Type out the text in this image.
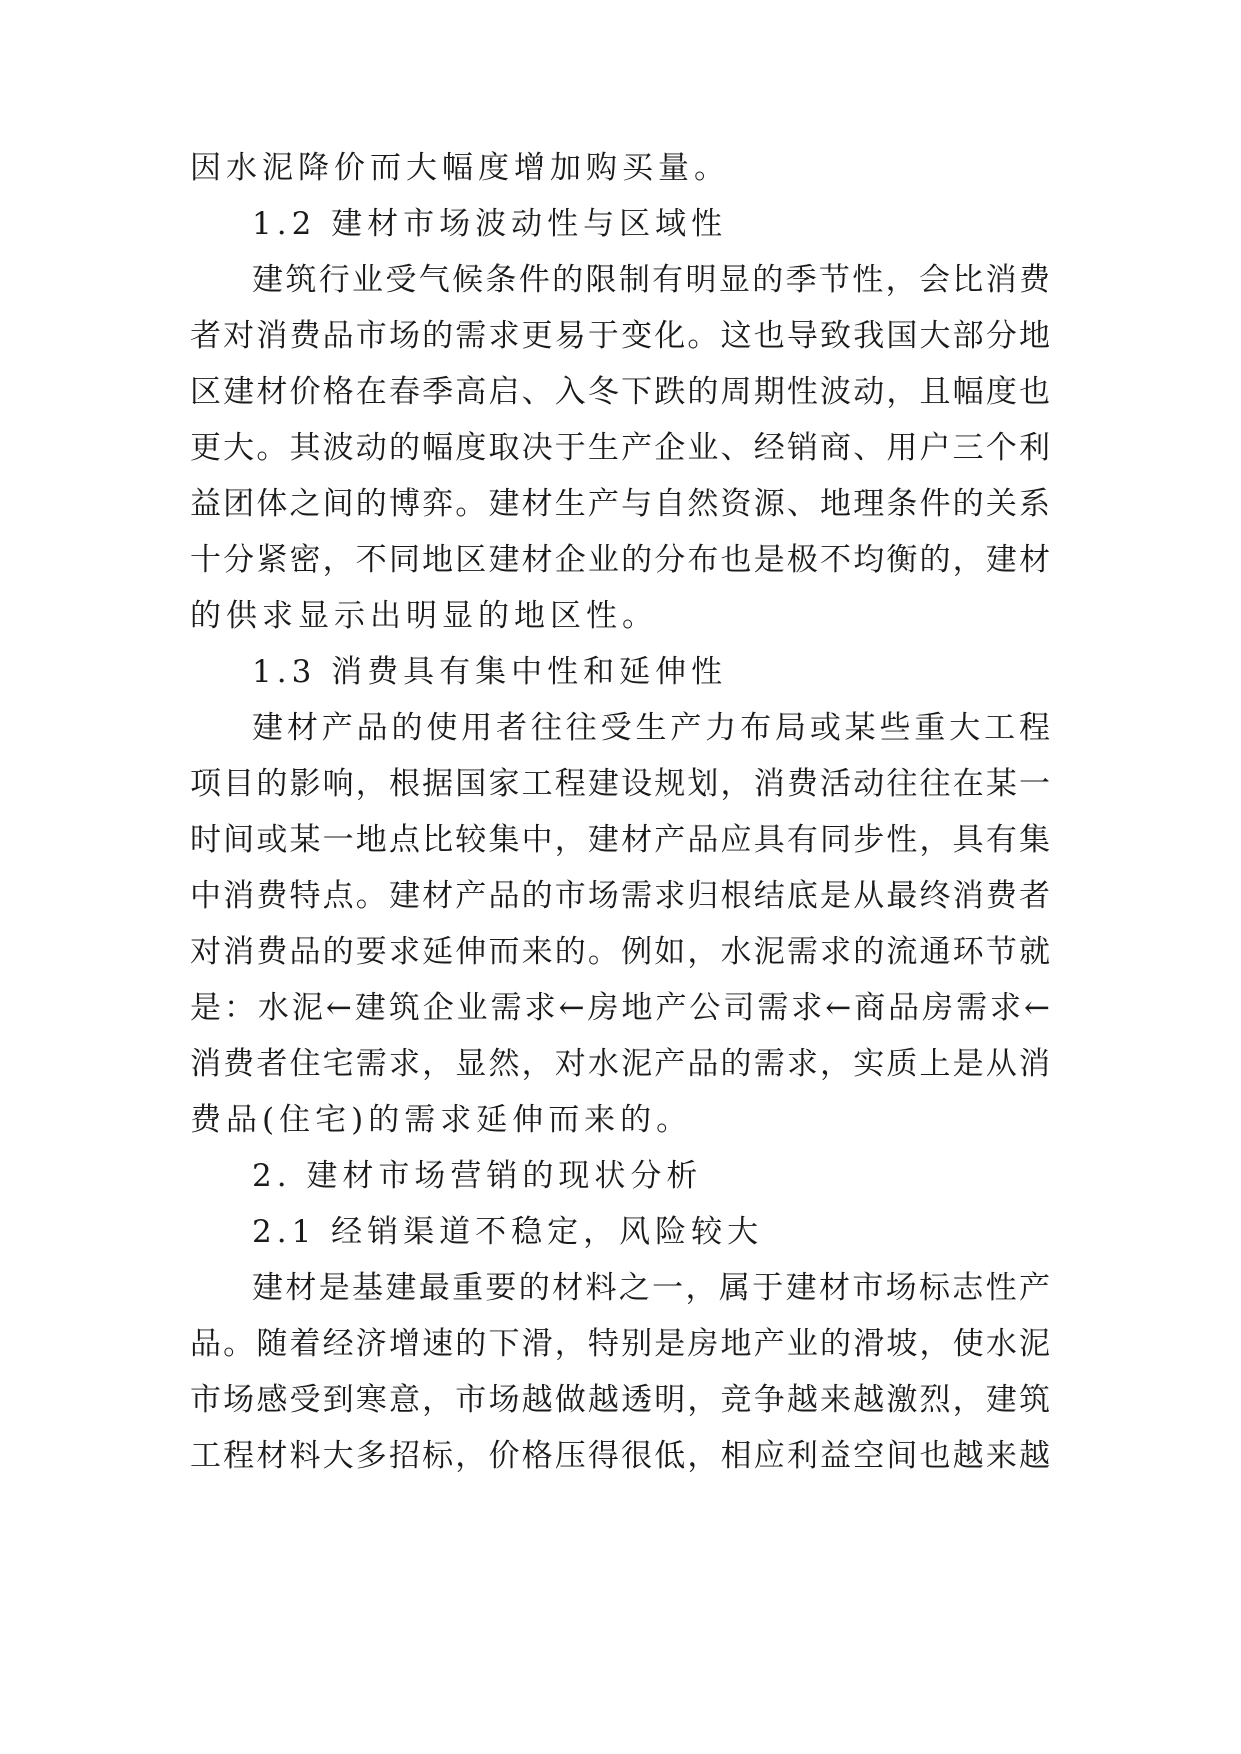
因水泥降价而大幅度增加购买量。
1.2 建材市场波动性与区域性
建筑行业受气候条件的限制有明显的季节性，会比消费
者对消费品市场的需求更易于变化。这也导致我国大部分地
区建材价格在春季高启、入冬下跌的周期性波动，且幅度也
更大。其波动的幅度取决于生产企业、经销商、用户三个利
益团体之间的博弈。建材生产与自然资源、地理条件的关系
十分紧密，不同地区建材企业的分布也是极不均衡的，建材
的供求显示出明显的地区性。
1.3 消费具有集中性和延伸性
建材产品的使用者往往受生产力布局或某些重大工程
项目的影响，根据国家工程建设规划，消费活动往往在某一
时间或某一地点比较集中，建材产品应具有同步性，具有集
中消费特点。建材产品的市场需求归根结底是从最终消费者
对消费品的要求延伸而来的。例如，水泥需求的流通环节就
是：水泥←建筑企业需求←房地产公司需求←商品房需求←
消费者住宅需求，显然，对水泥产品的需求，实质上是从消
费品(住宅)的需求延伸而来的。
2. 建材市场营销的现状分析
2.1 经销渠道不稳定，风险较大
建材是基建最重要的材料之一，属于建材市场标志性产
品。随着经济增速的下滑，特别是房地产业的滑坡，使水泥
市场感受到寒意，市场越做越透明，竞争越来越激烈，建筑
工程材料大多招标，价格压得很低，相应利益空间也越来越
